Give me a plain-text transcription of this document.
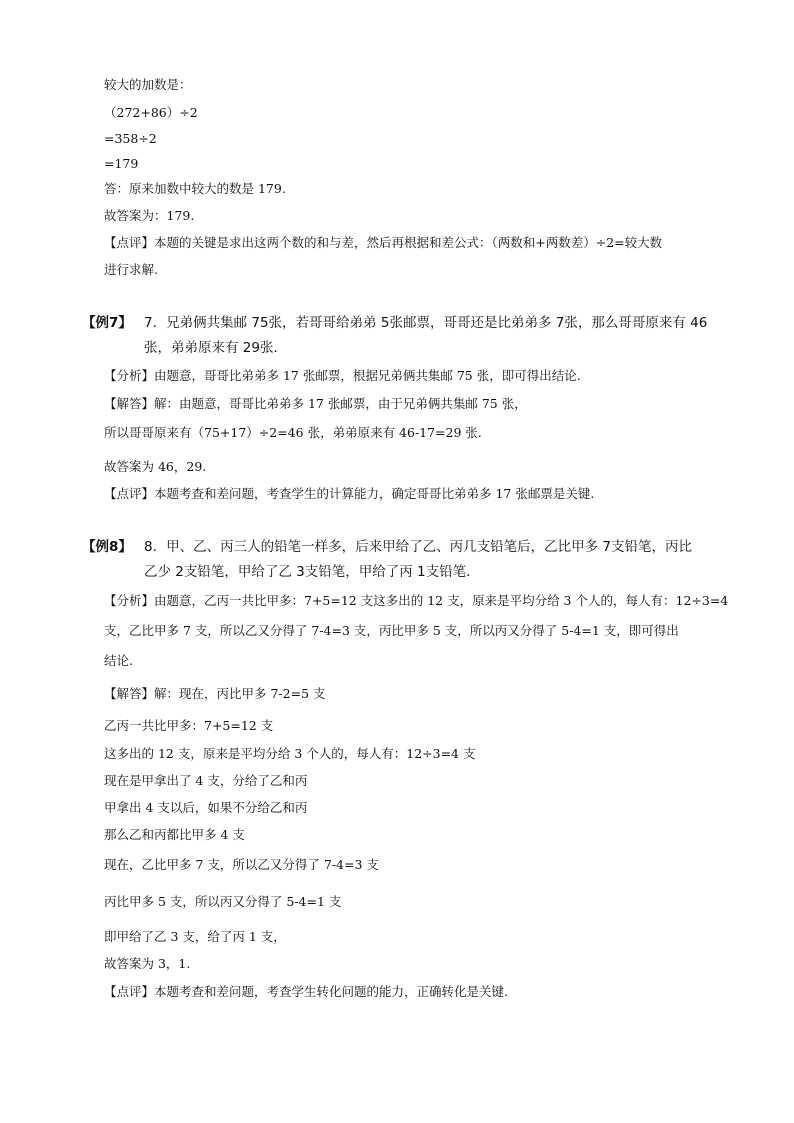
较大的加数是：
（272+86）÷2
=358÷2
=179
答：原来加数中较大的数是 179.
故答案为：179.
【点评】本题的关键是求出这两个数的和与差，然后再根据和差公式：（两数和+两数差）÷2=较大数
进行求解.
【例7】 7．兄弟俩共集邮 75张，若哥哥给弟弟 5张邮票，哥哥还是比弟弟多 7张，那么哥哥原来有 46
张，弟弟原来有 29张．
【分析】由题意，哥哥比弟弟多 17 张邮票，根据兄弟俩共集邮 75 张，即可得出结论.
【解答】解：由题意，哥哥比弟弟多 17 张邮票，由于兄弟俩共集邮 75 张，
所以哥哥原来有（75+17）÷2=46 张，弟弟原来有 46-17=29 张.
故答案为 46，29.
【点评】本题考查和差问题，考查学生的计算能力，确定哥哥比弟弟多 17 张邮票是关键.
【例8】 8．甲、乙、丙三人的铅笔一样多，后来甲给了乙、丙几支铅笔后，乙比甲多 7支铅笔，丙比
乙少 2支铅笔，甲给了乙 3支铅笔，甲给了丙 1支铅笔．
【分析】由题意，乙丙一共比甲多：7+5=12 支这多出的 12 支，原来是平均分给 3 个人的，每人有：12÷3=4
支，乙比甲多 7 支，所以乙又分得了 7-4=3 支，丙比甲多 5 支，所以丙又分得了 5-4=1 支，即可得出
结论.
【解答】解：现在，丙比甲多 7-2=5 支
乙丙一共比甲多：7+5=12 支
这多出的 12 支，原来是平均分给 3 个人的，每人有：12÷3=4 支
现在是甲拿出了 4 支，分给了乙和丙
甲拿出 4 支以后，如果不分给乙和丙
那么乙和丙都比甲多 4 支
现在，乙比甲多 7 支，所以乙又分得了 7-4=3 支
丙比甲多 5 支，所以丙又分得了 5-4=1 支
即甲给了乙 3 支，给了丙 1 支，
故答案为 3，1.
【点评】本题考查和差问题，考查学生转化问题的能力，正确转化是关键.
